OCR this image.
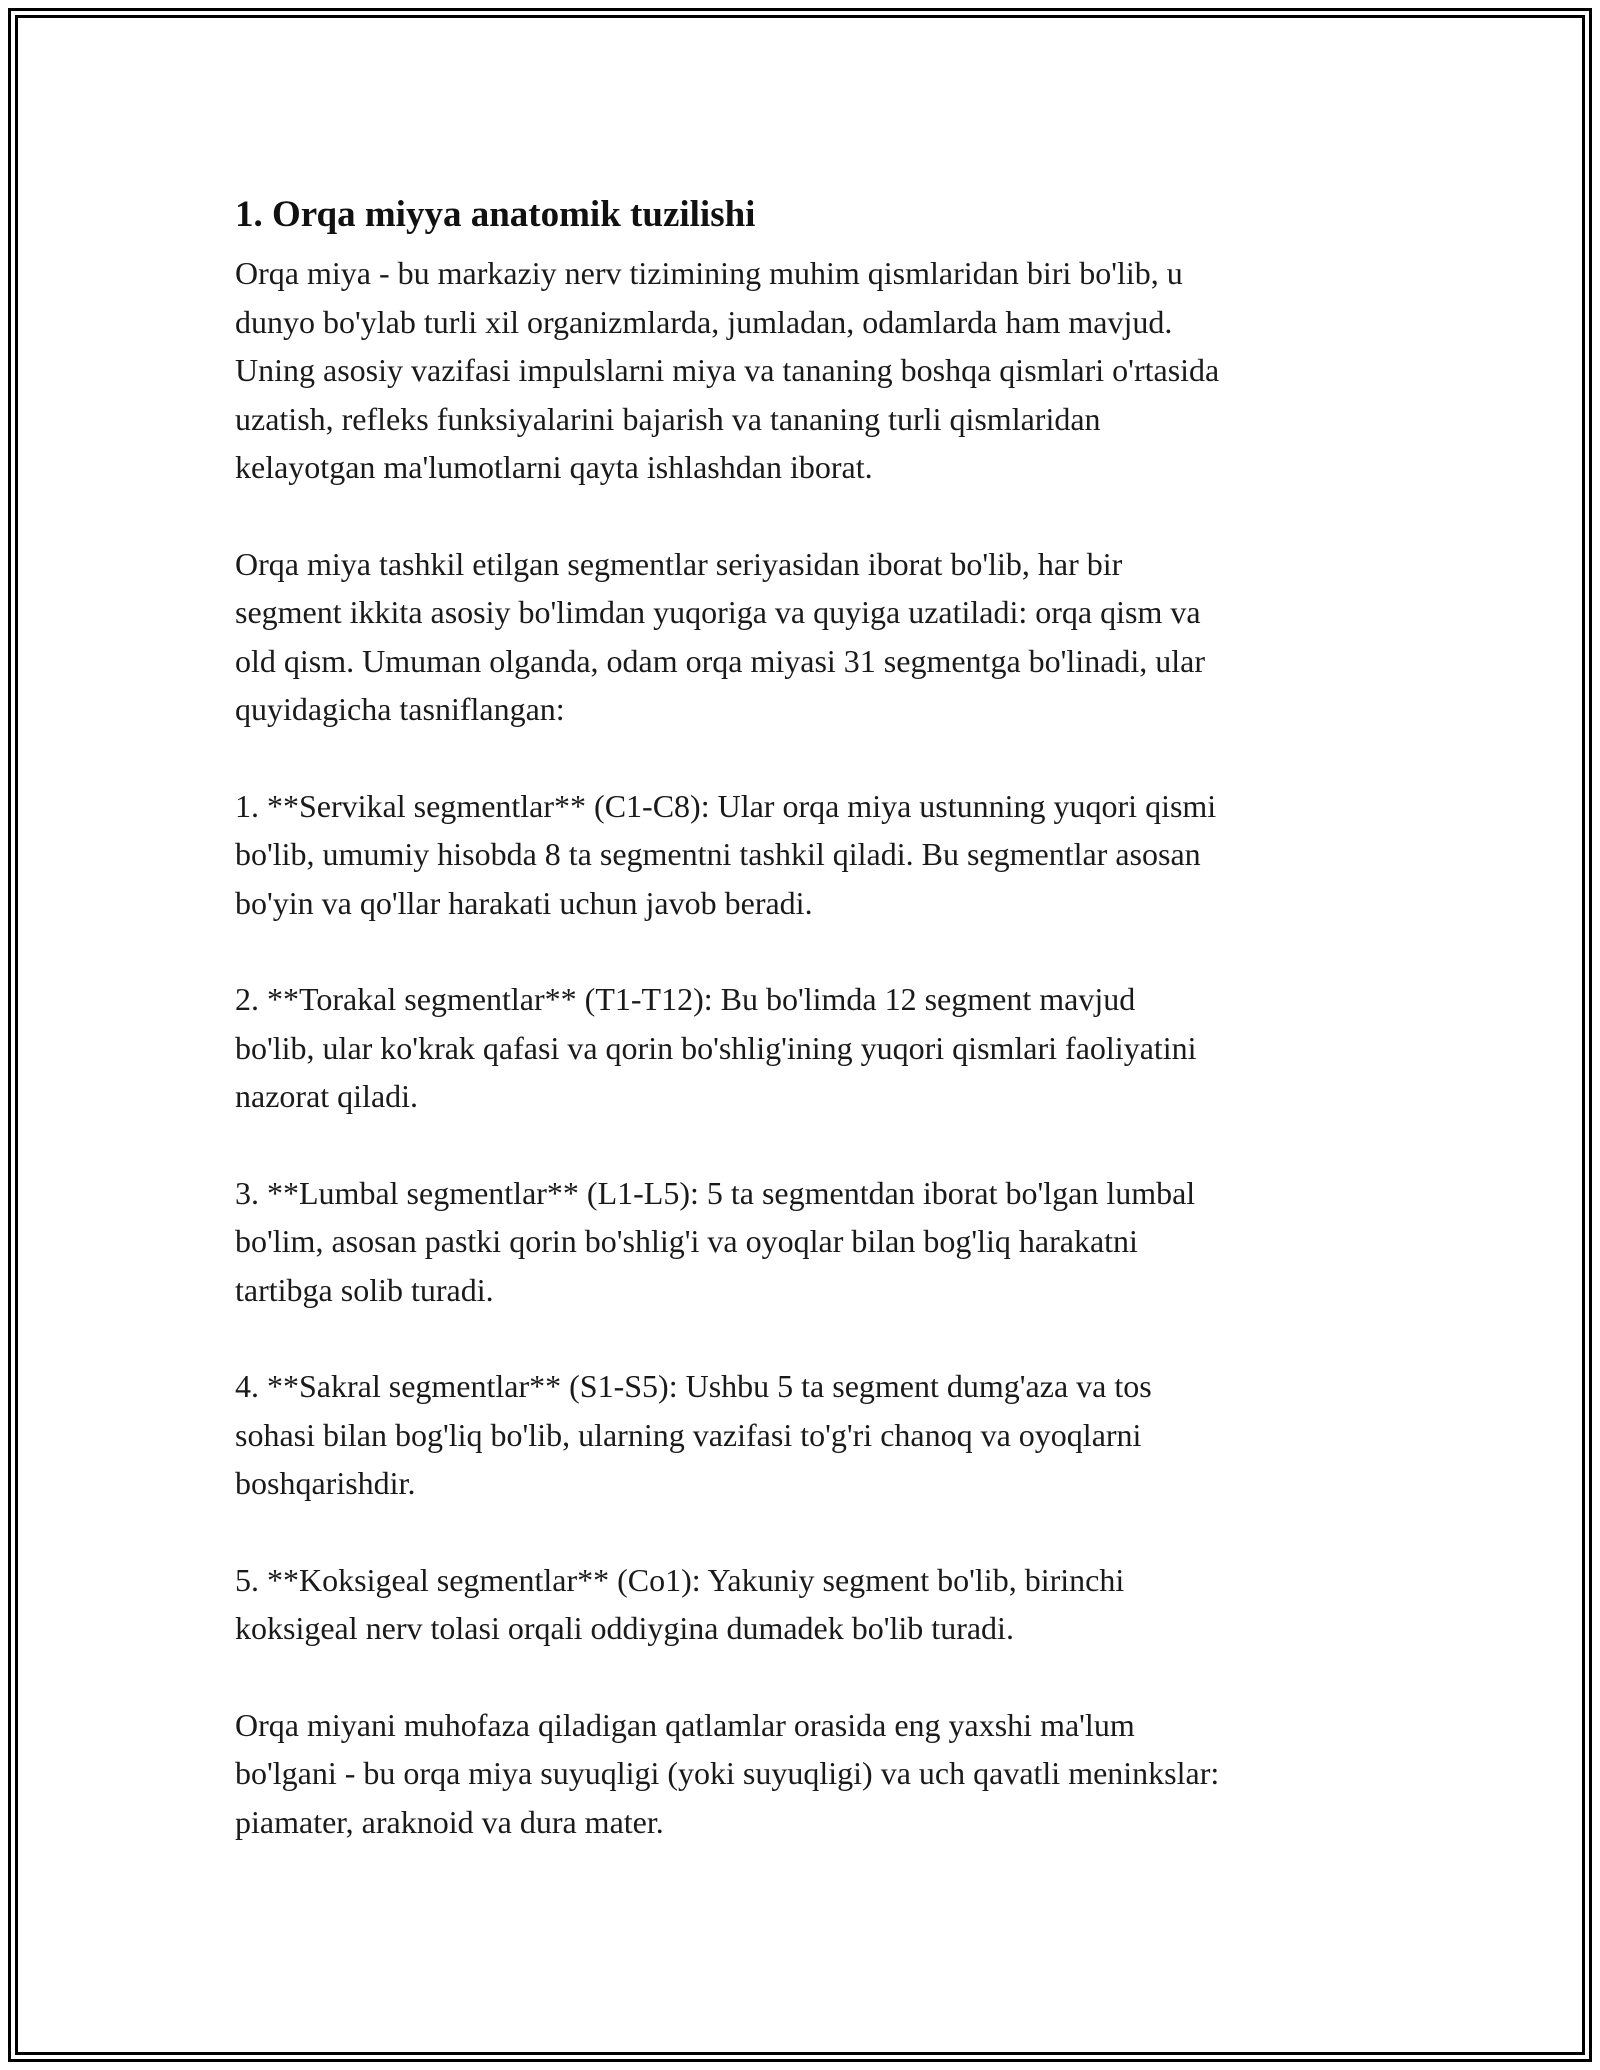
1. Orqa miyya anatomik tuzilishi

Orqa miya - bu markaziy nerv tizimining muhim qismlaridan biri bo'lib, u
dunyo bo'ylab turli xil organizmlarda, jumladan, odamlarda ham mavjud.
Uning asosiy vazifasi impulslarni miya va tananing boshqa qismlari o'rtasida
uzatish, refleks funksiyalarini bajarish va tananing turli qismlaridan
kelayotgan ma'lumotlarni qayta ishlashdan iborat.

Orqa miya tashkil etilgan segmentlar seriyasidan iborat bo'lib, har bir
segment ikkita asosiy bo'limdan yuqoriga va quyiga uzatiladi: orqa qism va
old qism. Umuman olganda, odam orqa miyasi 31 segmentga bo'linadi, ular
quyidagicha tasniflangan:

1. **Servikal segmentlar** (C1-C8): Ular orqa miya ustunning yuqori qismi
bo'lib, umumiy hisobda 8 ta segmentni tashkil qiladi. Bu segmentlar asosan
bo'yin va qo'llar harakati uchun javob beradi.

2. **Torakal segmentlar** (T1-T12): Bu bo'limda 12 segment mavjud
bo'lib, ular ko'krak qafasi va qorin bo'shlig'ining yuqori qismlari faoliyatini
nazorat qiladi.

3. **Lumbal segmentlar** (L1-L5): 5 ta segmentdan iborat bo'lgan lumbal
bo'lim, asosan pastki qorin bo'shlig'i va oyoqlar bilan bog'liq harakatni
tartibga solib turadi.

4. **Sakral segmentlar** (S1-S5): Ushbu 5 ta segment dumg'aza va tos
sohasi bilan bog'liq bo'lib, ularning vazifasi to'g'ri chanoq va oyoqlarni
boshqarishdir.

5. **Koksigeal segmentlar** (Co1): Yakuniy segment bo'lib, birinchi
koksigeal nerv tolasi orqali oddiygina dumadek bo'lib turadi.

Orqa miyani muhofaza qiladigan qatlamlar orasida eng yaxshi ma'lum
bo'lgani - bu orqa miya suyuqligi (yoki suyuqligi) va uch qavatli meninkslar:
piamater, araknoid va dura mater.
